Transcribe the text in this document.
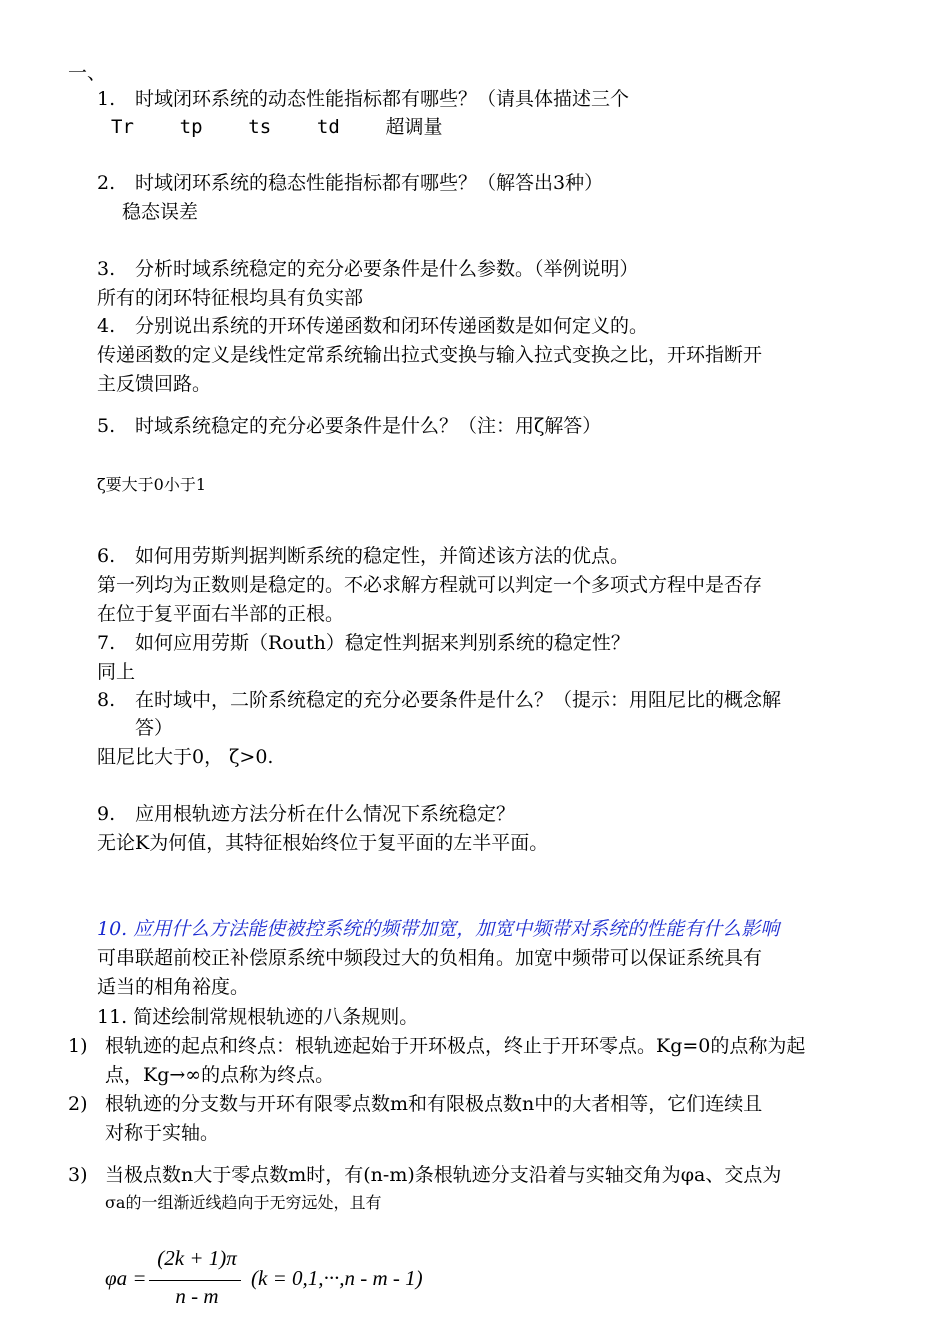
一、
1. 时域闭环系统的动态性能指标都有哪些？（请具体描述三个
Tr    tp    ts    td    超调量
2. 时域闭环系统的稳态性能指标都有哪些？（解答出3种）
稳态误差
3. 分析时域系统稳定的充分必要条件是什么参数。（举例说明）
所有的闭环特征根均具有负实部
4. 分别说出系统的开环传递函数和闭环传递函数是如何定义的。
传递函数的定义是线性定常系统输出拉式变换与输入拉式变换之比，开环指断开
主反馈回路。
5. 时域系统稳定的充分必要条件是什么？（注：用ζ解答）
ζ要大于0小于1
6. 如何用劳斯判据判断系统的稳定性，并简述该方法的优点。
第一列均为正数则是稳定的。不必求解方程就可以判定一个多项式方程中是否存
在位于复平面右半部的正根。
7. 如何应用劳斯（Routh）稳定性判据来判别系统的稳定性？
同上
8. 在时域中，二阶系统稳定的充分必要条件是什么？（提示：用阻尼比的概念解
答）
阻尼比大于0， ζ>0.
9. 应用根轨迹方法分析在什么情况下系统稳定？
无论K为何值，其特征根始终位于复平面的左半平面。
10. 应用什么方法能使被控系统的频带加宽，加宽中频带对系统的性能有什么影响
可串联超前校正补偿原系统中频段过大的负相角。加宽中频带可以保证系统具有
适当的相角裕度。
11. 简述绘制常规根轨迹的八条规则。
1) 根轨迹的起点和终点：根轨迹起始于开环极点，终止于开环零点。Kg=0的点称为起
点，Kg→∞的点称为终点。
2) 根轨迹的分支数与开环有限零点数m和有限极点数n中的大者相等，它们连续且
对称于实轴。
3) 当极点数n大于零点数m时，有(n-m)条根轨迹分支沿着与实轴交角为φa、交点为
σa的一组渐近线趋向于无穷远处，且有
φa =
(2k + 1)π
n - m
(k = 0,1,···,n - m - 1)
